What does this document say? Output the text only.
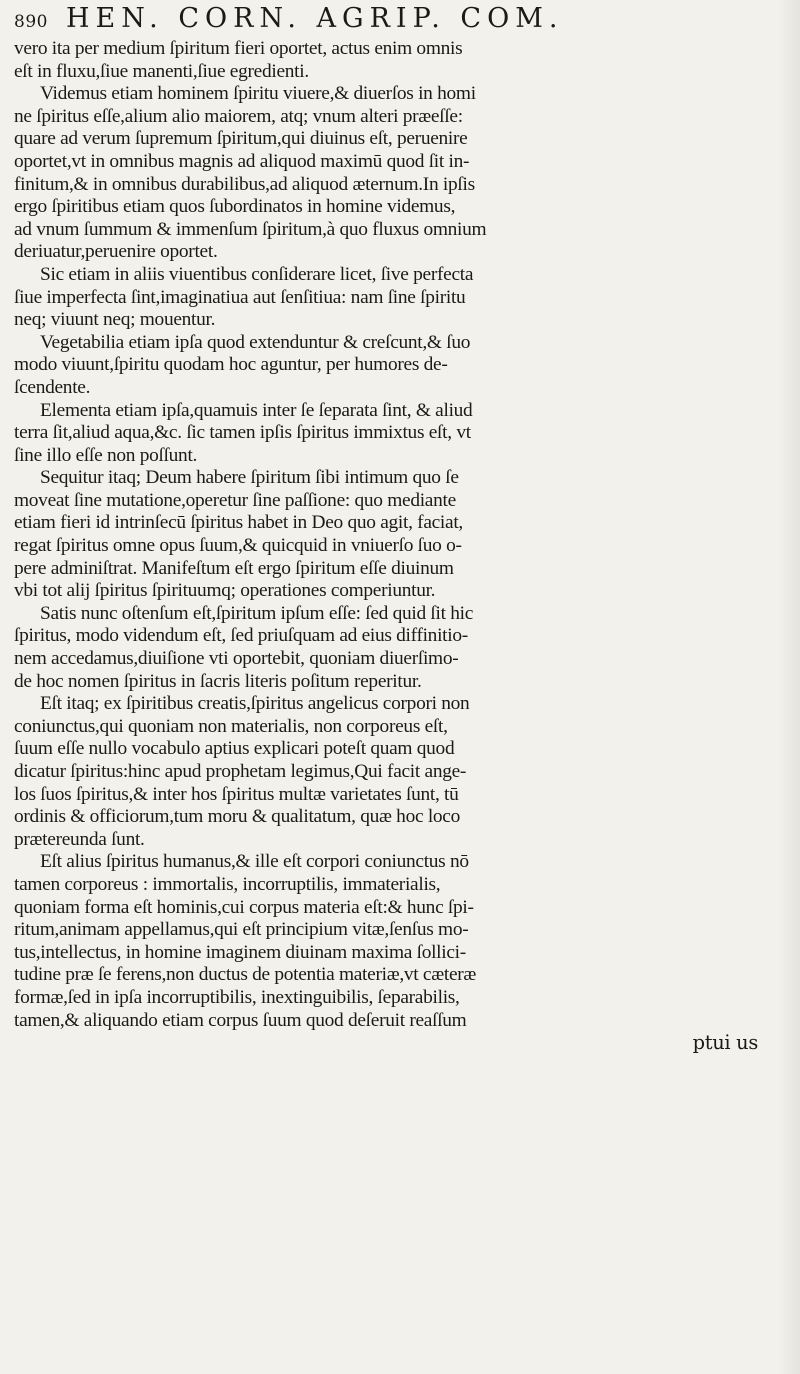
890 HEN. CORN. AGRIP. COM.
vero ita per medium ſpiritum fieri oportet, actus enim omnis
eſt in fluxu,ſiue manenti,ſiue egredienti.
Videmus etiam hominem ſpiritu viuere,& diuerſos in homi
ne ſpiritus eſſe,alium alio maiorem, atq; vnum alteri præeſſe:
quare ad verum ſupremum ſpiritum,qui diuinus eſt, peruenire
oportet,vt in omnibus magnis ad aliquod maximū quod ſit in-
finitum,& in omnibus durabilibus,ad aliquod æternum.In ipſis
ergo ſpiritibus etiam quos ſubordinatos in homine videmus,
ad vnum ſummum & immenſum ſpiritum,à quo fluxus omnium
deriuatur,peruenire oportet.
Sic etiam in aliis viuentibus conſiderare licet, ſive perfecta
ſiue imperfecta ſint,imaginatiua aut ſenſitiua: nam ſine ſpiritu
neq; viuunt neq; mouentur.
Vegetabilia etiam ipſa quod extenduntur & creſcunt,& ſuo
modo viuunt,ſpiritu quodam hoc aguntur, per humores de-
ſcendente.
Elementa etiam ipſa,quamuis inter ſe ſeparata ſint, & aliud
terra ſit,aliud aqua,&c. ſic tamen ipſis ſpiritus immixtus eſt, vt
ſine illo eſſe non poſſunt.
Sequitur itaq; Deum habere ſpiritum ſibi intimum quo ſe
moveat ſine mutatione,operetur ſine paſſione: quo mediante
etiam fieri id intrinſecū ſpiritus habet in Deo quo agit, faciat,
regat ſpiritus omne opus ſuum,& quicquid in vniuerſo ſuo o-
pere adminiſtrat. Manifeſtum eſt ergo ſpiritum eſſe diuinum
vbi tot alij ſpiritus ſpirituumq; operationes comperiuntur.
Satis nunc oſtenſum eſt,ſpiritum ipſum eſſe: ſed quid ſit hic
ſpiritus, modo videndum eſt, ſed priuſquam ad eius diffinitio-
nem accedamus,diuiſione vti oportebit, quoniam diuerſimo-
de hoc nomen ſpiritus in ſacris literis poſitum reperitur.
Eſt itaq; ex ſpiritibus creatis,ſpiritus angelicus corpori non
coniunctus,qui quoniam non materialis, non corporeus eſt,
ſuum eſſe nullo vocabulo aptius explicari poteſt quam quod
dicatur ſpiritus:hinc apud prophetam legimus,Qui facit ange-
los ſuos ſpiritus,& inter hos ſpiritus multæ varietates ſunt, tū
ordinis & officiorum,tum moru & qualitatum, quæ hoc loco
prætereunda ſunt.
Eſt alius ſpiritus humanus,& ille eſt corpori coniunctus nō
tamen corporeus : immortalis, incorruptilis, immaterialis,
quoniam forma eſt hominis,cui corpus materia eſt:& hunc ſpi-
ritum,animam appellamus,qui eſt principium vitæ,ſenſus mo-
tus,intellectus, in homine imaginem diuinam maxima ſollici-
tudine præ ſe ferens,non ductus de potentia materiæ,vt cæteræ
formæ,ſed in ipſa incorruptibilis, inextinguibilis, ſeparabilis,
tamen,& aliquando etiam corpus ſuum quod deſeruit reaſſum
ptui us
